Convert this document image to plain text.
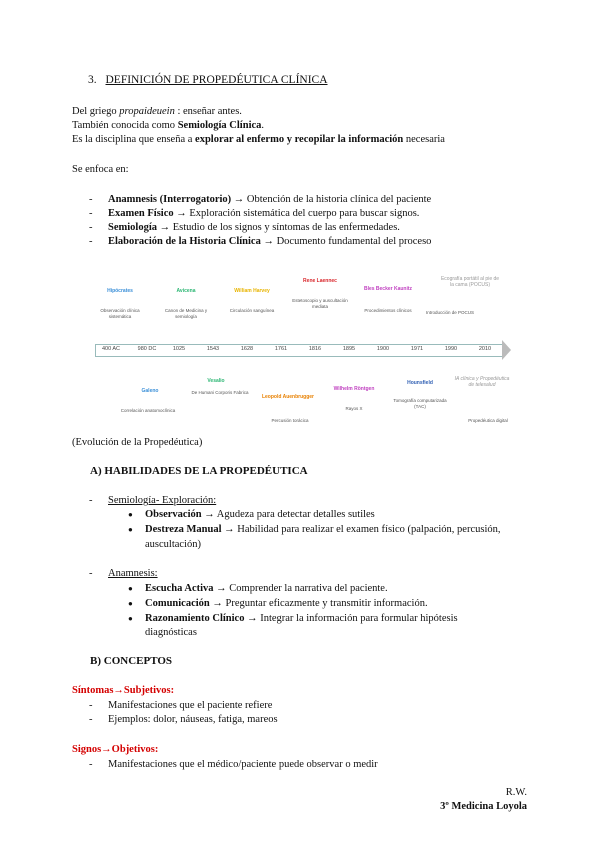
3. DEFINICIÓN DE PROPEDÉUTICA CLÍNICA
Del griego propaideuein : enseñar antes.
También conocida como Semiología Clínica.
Es la disciplina que enseña a explorar al enfermo y recopilar la información necesaria
Se enfoca en:
- Anamnesis (Interrogatorio) → Obtención de la historia clínica del paciente
- Examen Físico → Exploración sistemática del cuerpo para buscar signos.
- Semiología → Estudio de los signos y síntomas de las enfermedades.
- Elaboración de la Historia Clínica → Documento fundamental del proceso
Hipócrates
Observación clínica sistemática
Avicena
Canon de Medicina y semiología
William Harvey
Circulación sanguínea
Rene Laennec
Estetoscopio y auscultación mediata
Bles Becker Kaunitz
Procedimientos clínicos
Ecografía portátil al pie de la cama (POCUS)
Introducción de POCUS
400 AC	980 DC	1025	1543	1628	1761	1816	1895	1900	1971	1990	2010
Galeno
Correlación anatomoclínica
Vesalio
De Humani Corporis Fabrica
Leopold Auenbrugger
Percusión torácica
Wilhelm Röntgen
Rayos X
Hounsfield
Tomografía computarizada (TAC)
IA clínica y Propedéutica de telesalud
Propedéutica digital
(Evolución de la Propedéutica)
A) HABILIDADES DE LA PROPEDÉUTICA
- Semiología- Exploración:
● Observación → Agudeza para detectar detalles sutiles
● Destreza Manual → Habilidad para realizar el examen físico (palpación, percusión,
auscultación)
- Anamnesis:
● Escucha Activa → Comprender la narrativa del paciente.
● Comunicación → Preguntar eficazmente y transmitir información.
● Razonamiento Clínico → Integrar la información para formular hipótesis
diagnósticas
B) CONCEPTOS
Síntomas→Subjetivos:
- Manifestaciones que el paciente refiere
- Ejemplos: dolor, náuseas, fatiga, mareos
Signos→Objetivos:
- Manifestaciones que el médico/paciente puede observar o medir
R.W.
3º Medicina Loyola
